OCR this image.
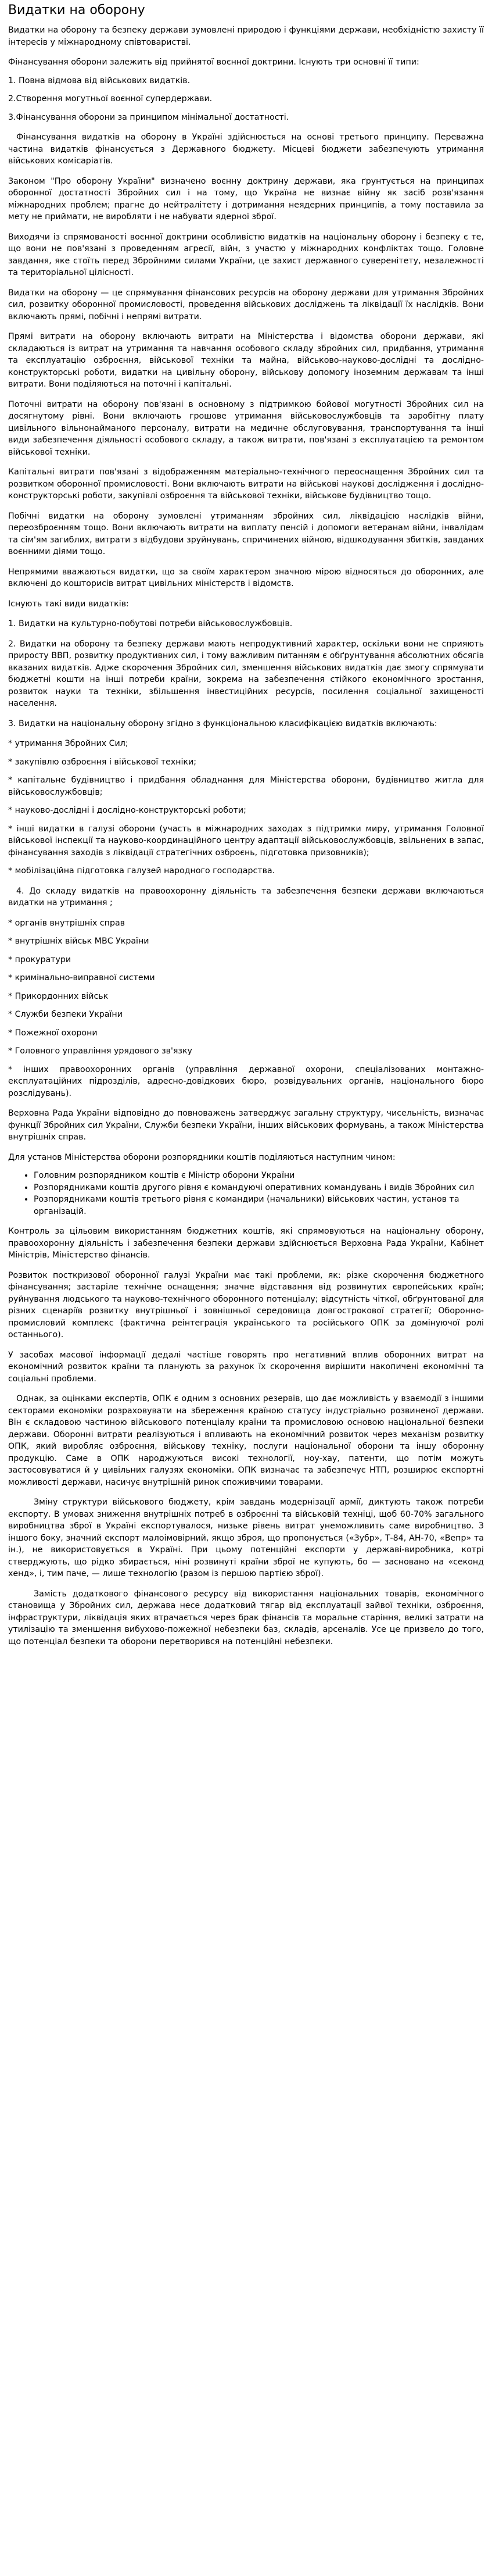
Видатки на оборону

Видатки на оборону та безпеку держави зумовлені природою і функціями держави, необхідністю захисту її інтересів у міжнародному співтоваристві.

Фінансування оборони залежить від прийнятої воєнної доктрини. Існують три основні її типи:

1. Повна відмова від військових видатків.

2.Створення могутньої воєнної супердержави.

3.Фінансування оборони за принципом мінімальної достатності.

Фінансування видатків на оборону в Україні здійснюється на основі третього принципу. Переважна частина видатків фінансується з Державного бюджету. Місцеві бюджети забезпечують утримання військових комісаріатів.

Законом "Про оборону України" визначено воєнну доктрину держави, яка ґрунтується на принципах оборонної достатності Збройних сил і на тому, що Україна не визнає війну як засіб розв'язання міжнародних проблем; прагне до нейтралітету і дотримання неядерних принципів, а тому поставила за мету не приймати, не виробляти і не набувати ядерної зброї.

Виходячи із спрямованості воєнної доктрини особливістю видатків на національну оборону і безпеку є те, що вони не пов'язані з проведенням агресії, війн, з участю у міжнародних конфліктах тощо. Головне завдання, яке стоїть перед Збройними силами України, це захист державного суверенітету, незалежності та територіальної цілісності.

Видатки на оборону — це спрямування фінансових ресурсів на оборону держави для утримання Збройних сил, розвитку оборонної промисловості, проведення військових досліджень та ліквідації їх наслідків. Вони включають прямі, побічні і непрямі витрати.

Прямі витрати на оборону включають витрати на Міністерства і відомства оборони держави, які складаються із витрат на утримання та навчання особового складу збройних сил, придбання, утримання та експлуатацію озброєння, військової техніки та майна, військово-науково-дослідні та дослідно-конструкторські роботи, видатки на цивільну оборону, військову допомогу іноземним державам та інші витрати. Вони поділяються на поточні і капітальні.

Поточні витрати на оборону пов'язані в основному з підтримкою бойової могутності Збройних сил на досягнутому рівні. Вони включають грошове утримання військовослужбовців та заробітну плату цивільного вільнонайманого персоналу, витрати на медичне обслуговування, транспортування та інші види забезпечення діяльності особового складу, а також витрати, пов'язані з експлуатацією та ремонтом військової техніки.

Капітальні витрати пов'язані з відображенням матеріально-технічного переоснащення Збройних сил та розвитком оборонної промисловості. Вони включають витрати на військові наукові дослідження і дослідно-конструкторські роботи, закупівлі озброєння та військової техніки, військове будівництво тощо.

Побічні видатки на оборону зумовлені утриманням збройних сил, ліквідацією наслідків війни, переозброєнням тощо. Вони включають витрати на виплату пенсій і допомоги ветеранам війни, інвалідам та сім'ям загиблих, витрати з відбудови зруйнувань, спричинених війною, відшкодування збитків, завданих воєнними діями тощо.

Непрямими вважаються видатки, що за своїм характером значною мірою відносяться до оборонних, але включені до кошторисів витрат цивільних міністерств і відомств.

Існують такі види видатків:

1. Видатки на культурно-побутові потреби військовослужбовців.

2. Видатки на оборону та безпеку держави мають непродуктивний характер, оскільки вони не сприяють приросту ВВП, розвитку продуктивних сил, і тому важливим питанням є обґрунтування абсолютних обсягів вказаних видатків. Адже скорочення Збройних сил, зменшення військових видатків дає змогу спрямувати бюджетні кошти на інші потреби країни, зокрема на забезпечення стійкого економічного зростання, розвиток науки та техніки, збільшення інвестиційних ресурсів, посилення соціальної захищеності населення.

3. Видатки на національну оборону згідно з функціональною класифікацією видатків включають:

* утримання Збройних Сил;

* закупівлю озброєння і військової техніки;

* капітальне будівництво і придбання обладнання для Міністерства оборони, будівництво житла для військовослужбовців;

* науково-дослідні і дослідно-конструкторські роботи;

* інші видатки в галузі оборони (участь в міжнародних заходах з підтримки миру, утримання Головної військової інспекції та науково-координаційного центру адаптації військовослужбовців, звільнених в запас, фінансування заходів з ліквідації стратегічних озброєнь, підготовка призовників);

* мобілізаційна підготовка галузей народного господарства.

4. До складу видатків на правоохоронну діяльність та забезпечення безпеки держави включаються видатки на утримання ;

* органів внутрішніх справ

* внутрішніх військ МВС України

* прокуратури

* кримінально-виправної системи

* Прикордонних військ

* Служби безпеки України

* Пожежної охорони

* Головного управління урядового зв'язку

* інших правоохоронних органів (управління державної охорони, спеціалізованих монтажно-експлуатаційних підрозділів, адресно-довідкових бюро, розвідувальних органів, національного бюро розслідувань).

Верховна Рада України відповідно до повноважень затверджує загальну структуру, чисельність, визначає функції Збройних сил України, Служби безпеки України, інших військових формувань, а також Міністерства внутрішніх справ.

Для установ Міністерства оборони розпорядники коштів поділяються наступним чином:

• Головним розпорядником коштів є Міністр оборони України
• Розпорядниками коштів другого рівня є командуючі оперативних командувань і видів Збройних сил
• Розпорядниками коштів третього рівня є командири (начальники) військових частин, установ та організацій.

Контроль за цільовим використанням бюджетних коштів, які спрямовуються на національну оборону, правоохоронну діяльність і забезпечення безпеки держави здійснюється Верховна Рада України, Кабінет Міністрів, Міністерство фінансів.

Розвиток посткризової оборонної галузі України має такі проблеми, як: різке скорочення бюджетного фінансування; застаріле технічне оснащення; значне відставання від розвинутих європейських країн; руйнування людського та науково-технічного оборонного потенціалу; відсутність чіткої, обґрунтованої для різних сценаріїв розвитку внутрішньої і зовнішньої середовища довгострокової стратегії; Оборонно-промисловий комплекс (фактична реінтеграція українського та російського ОПК за домінуючої ролі останнього).

У засобах масової інформації дедалі частіше говорять про негативний вплив оборонних витрат на економічний розвиток країни та планують за рахунок їх скорочення вирішити накопичені економічні та соціальні проблеми.

Однак, за оцінками експертів, ОПК є одним з основних резервів, що дає можливість у взаємодії з іншими секторами економіки розраховувати на збереження країною статусу індустріально розвиненої держави. Він є складовою частиною військового потенціалу країни та промисловою основою національної безпеки держави. Оборонні витрати реалізуються і впливають на економічний розвиток через механізм розвитку ОПК, який виробляє озброєння, військову техніку, послуги національної оборони та іншу оборонну продукцію. Саме в ОПК народжуються високі технології, ноу-хау, патенти, що потім можуть застосовуватися й у цивільних галузях економіки. ОПК визначає та забезпечує НТП, розширює експортні можливості держави, насичує внутрішній ринок споживчими товарами.

Зміну структури військового бюджету, крім завдань модернізації армії, диктують також потреби експорту. В умовах зниження внутрішніх потреб в озброєнні та військовій техніці, щоб 60-70% загального виробництва зброї в Україні експортувалося, низьке рівень витрат унеможливить саме виробництво. З іншого боку, значний експорт малоімовірний, якщо зброя, що пропонується («Зубр», Т-84, АН-70, «Вепр» та ін.), не використовується в Україні. При цьому потенційні експорти у державі-виробника, котрі стверджують, що рідко збирається, ніні розвинуті країни зброї не купують, бо — засновано на «секонд хенд», і, тим паче, — лише технологію (разом із першою партією зброї).

Замість додаткового фінансового ресурсу від використання національних товарів, економічного становища у Збройних сил, держава несе додатковий тягар від експлуатації зайвої техніки, озброєння, інфраструктури, ліквідація яких втрачається через брак фінансів та моральне старіння, великі затрати на утилізацію та зменшення вибухово-пожежної небезпеки баз, складів, арсеналів. Усе це призвело до того, що потенціал безпеки та оборони перетворився на потенційні небезпеки.
